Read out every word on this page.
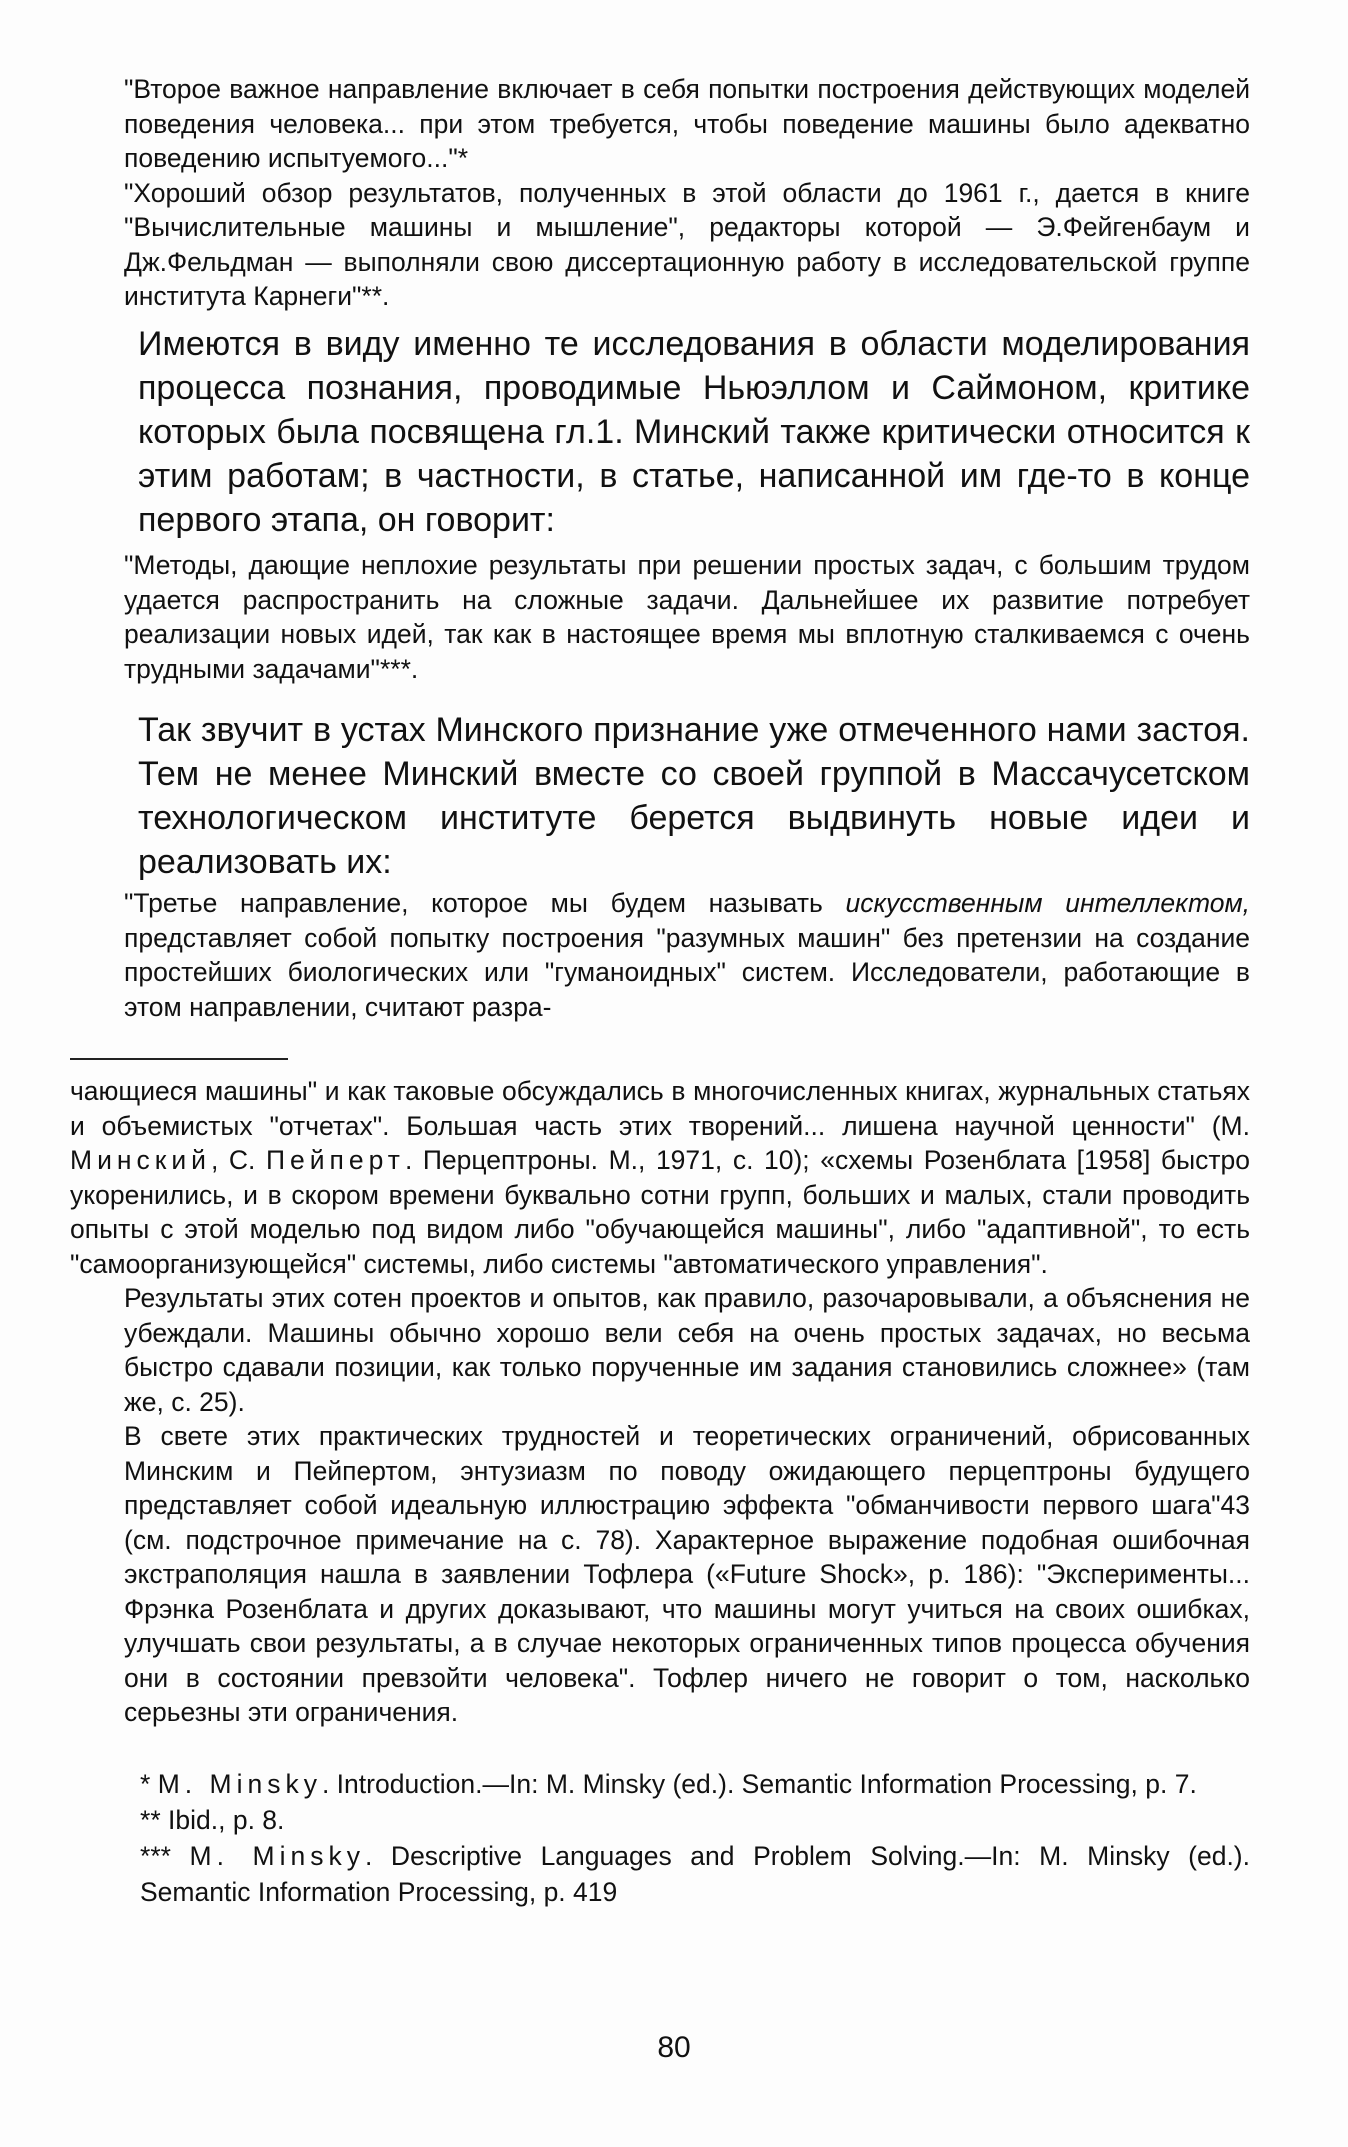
"Второе важное направление включает в себя попытки построения действующих моделей поведения человека... при этом требуется, чтобы поведение машины было адекватно поведению испытуемого..."*

"Хороший обзор результатов, полученных в этой области до 1961 г., дается в книге "Вычислительные машины и мышление", редакторы которой — Э.Фейгенбаум и Дж.Фельдман — выполняли свою диссертационную работу в исследовательской группе института Карнеги"**.

Имеются в виду именно те исследования в области моделирования процесса познания, проводимые Ньюэллом и Саймоном, критике которых была посвящена гл.1. Минский также критически относится к этим работам; в частности, в статье, написанной им где-то в конце первого этапа, он говорит:

"Методы, дающие неплохие результаты при решении простых задач, с большим трудом удается распространить на сложные задачи. Дальнейшее их развитие потребует реализации новых идей, так как в настоящее время мы вплотную сталкиваемся с очень трудными задачами"***.

Так звучит в устах Минского признание уже отмеченного нами застоя. Тем не менее Минский вместе со своей группой в Массачусетском технологическом институте берется выдвинуть новые идеи и реализовать их:

"Третье направление, которое мы будем называть искусственным интеллектом, представляет собой попытку построения "разумных машин" без претензии на создание простейших биологических или "гуманоидных" систем. Исследователи, работающие в этом направлении, считают разра-

чающиеся машины" и как таковые обсуждались в многочисленных книгах, журнальных статьях и объемистых "отчетах". Большая часть этих творений... лишена научной ценности" (М. Минский, С. Пейперт. Перцептроны. М., 1971, с. 10); «схемы Розенблата [1958] быстро укоренились, и в скором времени буквально сотни групп, больших и малых, стали проводить опыты с этой моделью под видом либо "обучающейся машины", либо "адаптивной", то есть "самоорганизующейся" системы, либо системы "автоматического управления".

Результаты этих сотен проектов и опытов, как правило, разочаровывали, а объяснения не убеждали. Машины обычно хорошо вели себя на очень простых задачах, но весьма быстро сдавали позиции, как только порученные им задания становились сложнее» (там же, с. 25).

В свете этих практических трудностей и теоретических ограничений, обрисованных Минским и Пейпертом, энтузиазм по поводу ожидающего перцептроны будущего представляет собой идеальную иллюстрацию эффекта "обманчивости первого шага"43 (см. подстрочное примечание на с. 78). Характерное выражение подобная ошибочная экстраполяция нашла в заявлении Тофлера («Future Shock», p. 186): "Эксперименты... Фрэнка Розенблата и других доказывают, что машины могут учиться на своих ошибках, улучшать свои результаты, а в случае некоторых ограниченных типов процесса обучения они в состоянии превзойти человека". Тофлер ничего не говорит о том, насколько серьезны эти ограничения.

* M. Minsky. Introduction.—In: M. Minsky (ed.). Semantic Information Processing, p. 7.

** Ibid., p. 8.

*** M. Minsky. Descriptive Languages and Problem Solving.—In: M. Minsky (ed.). Semantic Information Processing, p. 419

80
